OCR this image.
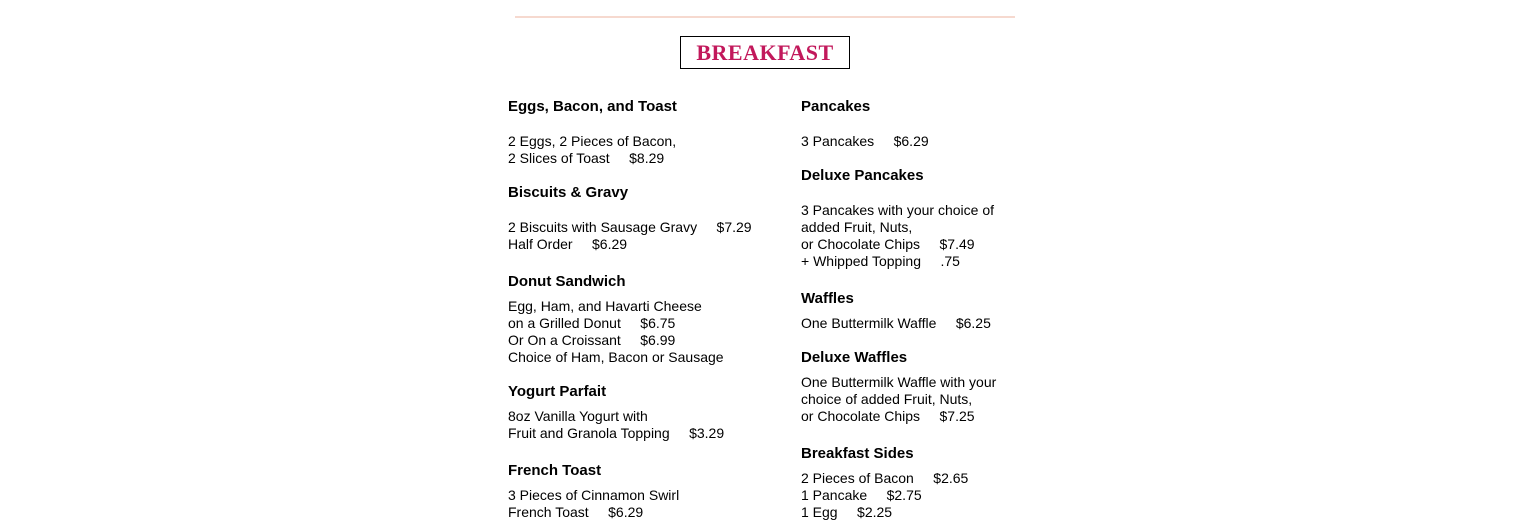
BREAKFAST
Eggs, Bacon, and Toast
2 Eggs, 2 Pieces of Bacon,
2 Slices of Toast     $8.29
Biscuits & Gravy
2 Biscuits with Sausage Gravy     $7.29
Half Order     $6.29
Donut Sandwich
Egg, Ham, and Havarti Cheese
on a Grilled Donut     $6.75
Or On a Croissant     $6.99
Choice of Ham, Bacon or Sausage
Yogurt Parfait
8oz Vanilla Yogurt with
Fruit and Granola Topping     $3.29
French Toast
3 Pieces of Cinnamon Swirl
French Toast     $6.29
Pancakes
3 Pancakes     $6.29
Deluxe Pancakes
3 Pancakes with your choice of
added Fruit, Nuts,
or Chocolate Chips     $7.49
+ Whipped Topping     .75
Waffles
One Buttermilk Waffle     $6.25
Deluxe Waffles
One Buttermilk Waffle with your
choice of added Fruit, Nuts,
or Chocolate Chips     $7.25
Breakfast Sides
2 Pieces of Bacon     $2.65
1 Pancake     $2.75
1 Egg     $2.25
